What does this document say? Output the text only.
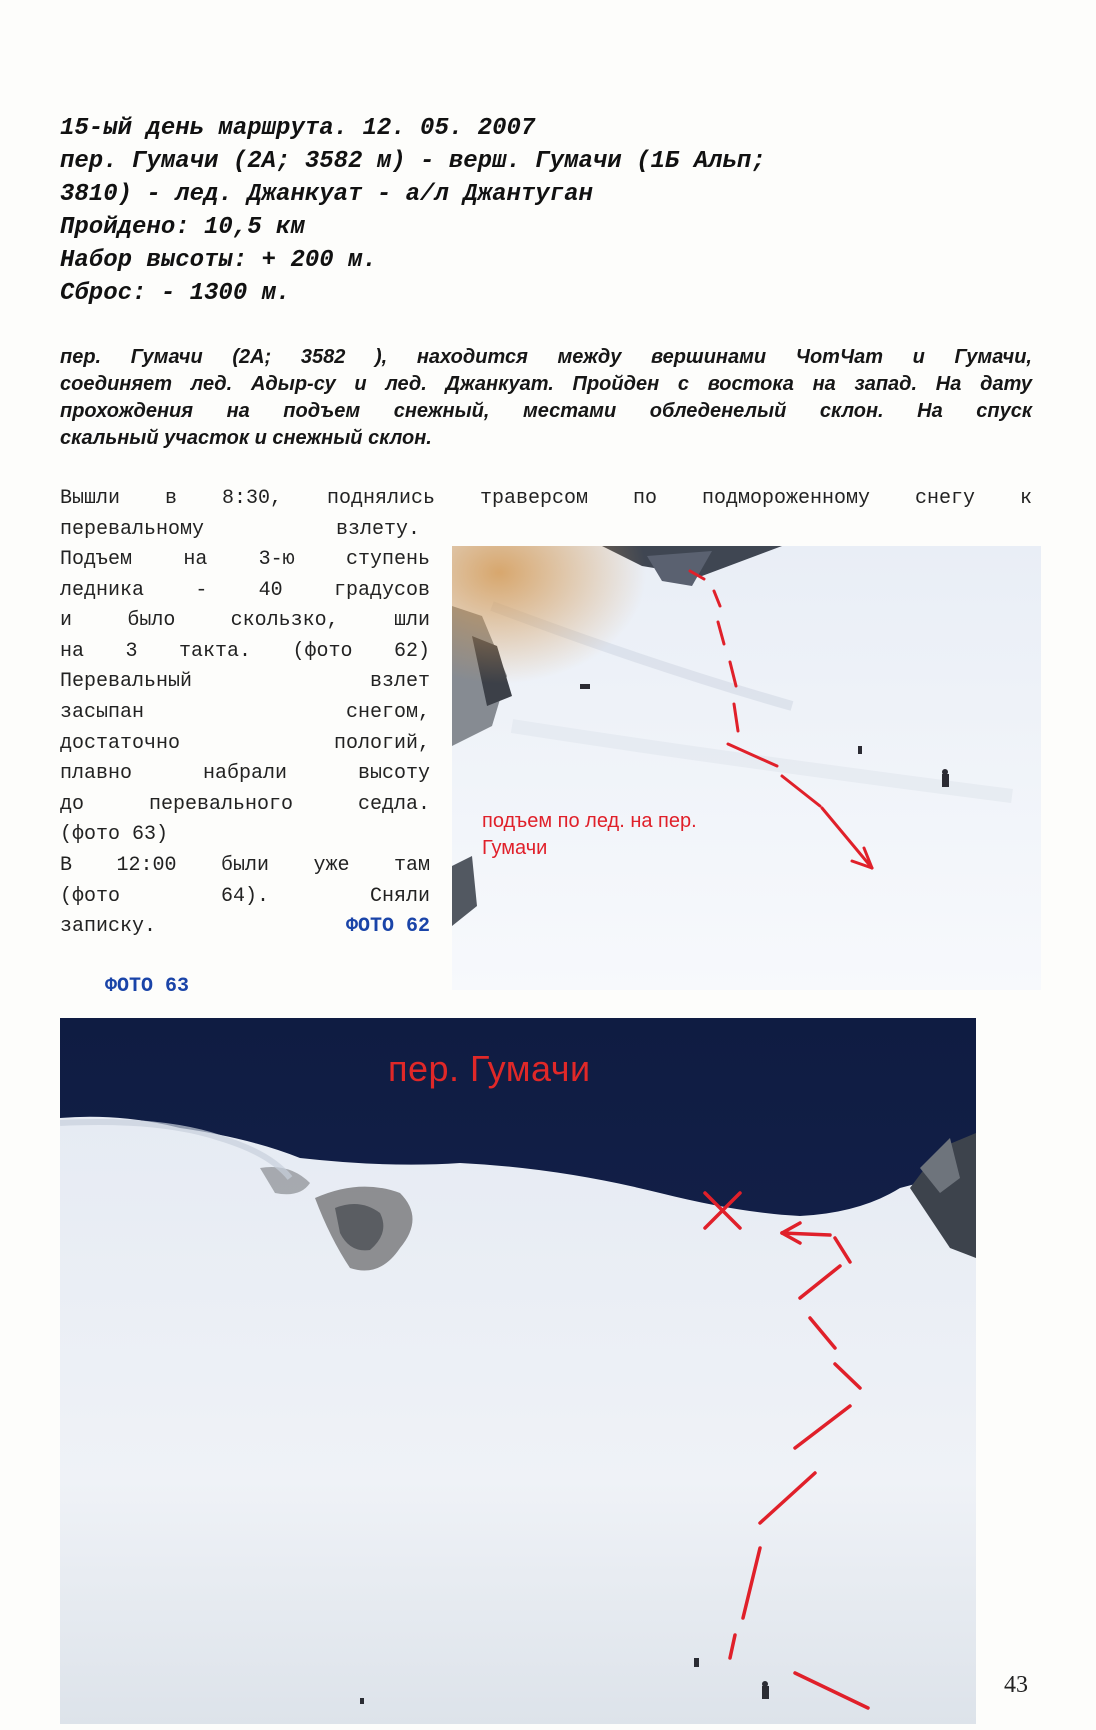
15-ый день маршрута. 12. 05. 2007
пер. Гумачи (2А; 3582 м) - верш. Гумачи (1Б Альп;
3810) - лед. Джанкуат - а/л Джантуган
Пройдено: 10,5 км
Набор высоты: + 200 м.
Сброс: - 1300 м.
пер. Гумачи (2А; 3582 ), находится между вершинами ЧотЧат и Гумачи,
соединяет лед. Адыр-су и лед. Джанкуат. Пройден с востока на запад. На дату
прохождения на подъем снежный, местами обледенелый склон. На спуск
скальный участок и снежный склон.
Вышли в 8:30, поднялись траверсом по подмороженному снегу к
перевальному взлету.
Подъем на 3-ю ступень
ледника - 40 градусов
и было скользко, шли
на 3 такта. (фото 62)
Перевальный взлет
засыпан снегом,
достаточно пологий,
плавно набрали высоту
до перевального седла.
(фото 63)
В 12:00 были уже там
(фото 64). Сняли
записку.	ФОТО 62
ФОТО 63
подъем по лед. на пер.
Гумачи
пер. Гумачи
43
